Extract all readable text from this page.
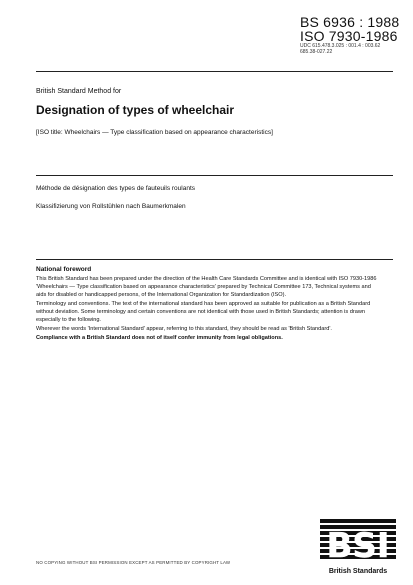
BS 6936 : 1988
ISO 7930-1986
UDC 615.478.3.025 : 001.4 : 003.62
685.38-027.22
British Standard Method for
Designation of types of wheelchair
[ISO title: Wheelchairs — Type classification based on appearance characteristics]
Méthode de désignation des types de fauteuils roulants
Klassifizierung von Rollstühlen nach Baumerkmalen
National foreword

This British Standard has been prepared under the direction of the Health Care Standards Committee and is identical with ISO 7930-1986 'Wheelchairs — Type classification based on appearance characteristics' prepared by Technical Committee 173, Technical systems and aids for disabled or handicapped persons, of the International Organization for Standardization (ISO).

Terminology and conventions. The text of the international standard has been approved as suitable for publication as a British Standard without deviation. Some terminology and certain conventions are not identical with those used in British Standards; attention is drawn especially to the following.

Wherever the words 'International Standard' appear, referring to this standard, they should be read as 'British Standard'.

Compliance with a British Standard does not of itself confer immunity from legal obligations.

NO COPYING WITHOUT BSI PERMISSION EXCEPT AS PERMITTED BY COPYRIGHT LAW	BSI
British Standards
